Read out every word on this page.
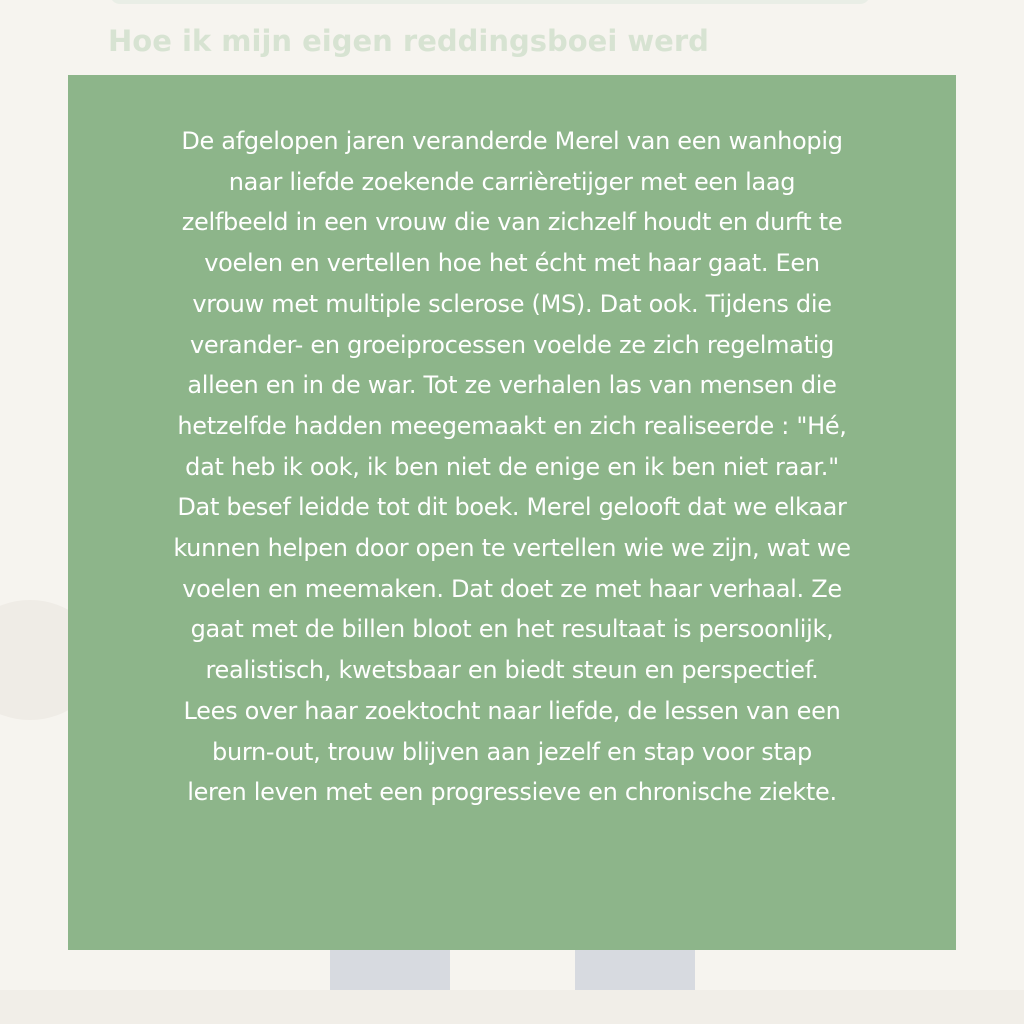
Hoe ik mijn eigen reddingsboei werd

De afgelopen jaren veranderde Merel van een wanhopig
naar liefde zoekende carrièretijger met een laag
zelfbeeld in een vrouw die van zichzelf houdt en durft te
voelen en vertellen hoe het écht met haar gaat. Een
vrouw met multiple sclerose (MS). Dat ook. Tijdens die
verander- en groeiprocessen voelde ze zich regelmatig
alleen en in de war. Tot ze verhalen las van mensen die
hetzelfde hadden meegemaakt en zich realiseerde : "Hé,
dat heb ik ook, ik ben niet de enige en ik ben niet raar."
Dat besef leidde tot dit boek. Merel gelooft dat we elkaar
kunnen helpen door open te vertellen wie we zijn, wat we
voelen en meemaken. Dat doet ze met haar verhaal. Ze
gaat met de billen bloot en het resultaat is persoonlijk,
realistisch, kwetsbaar en biedt steun en perspectief.
Lees over haar zoektocht naar liefde, de lessen van een
burn-out, trouw blijven aan jezelf en stap voor stap
leren leven met een progressieve en chronische ziekte.
